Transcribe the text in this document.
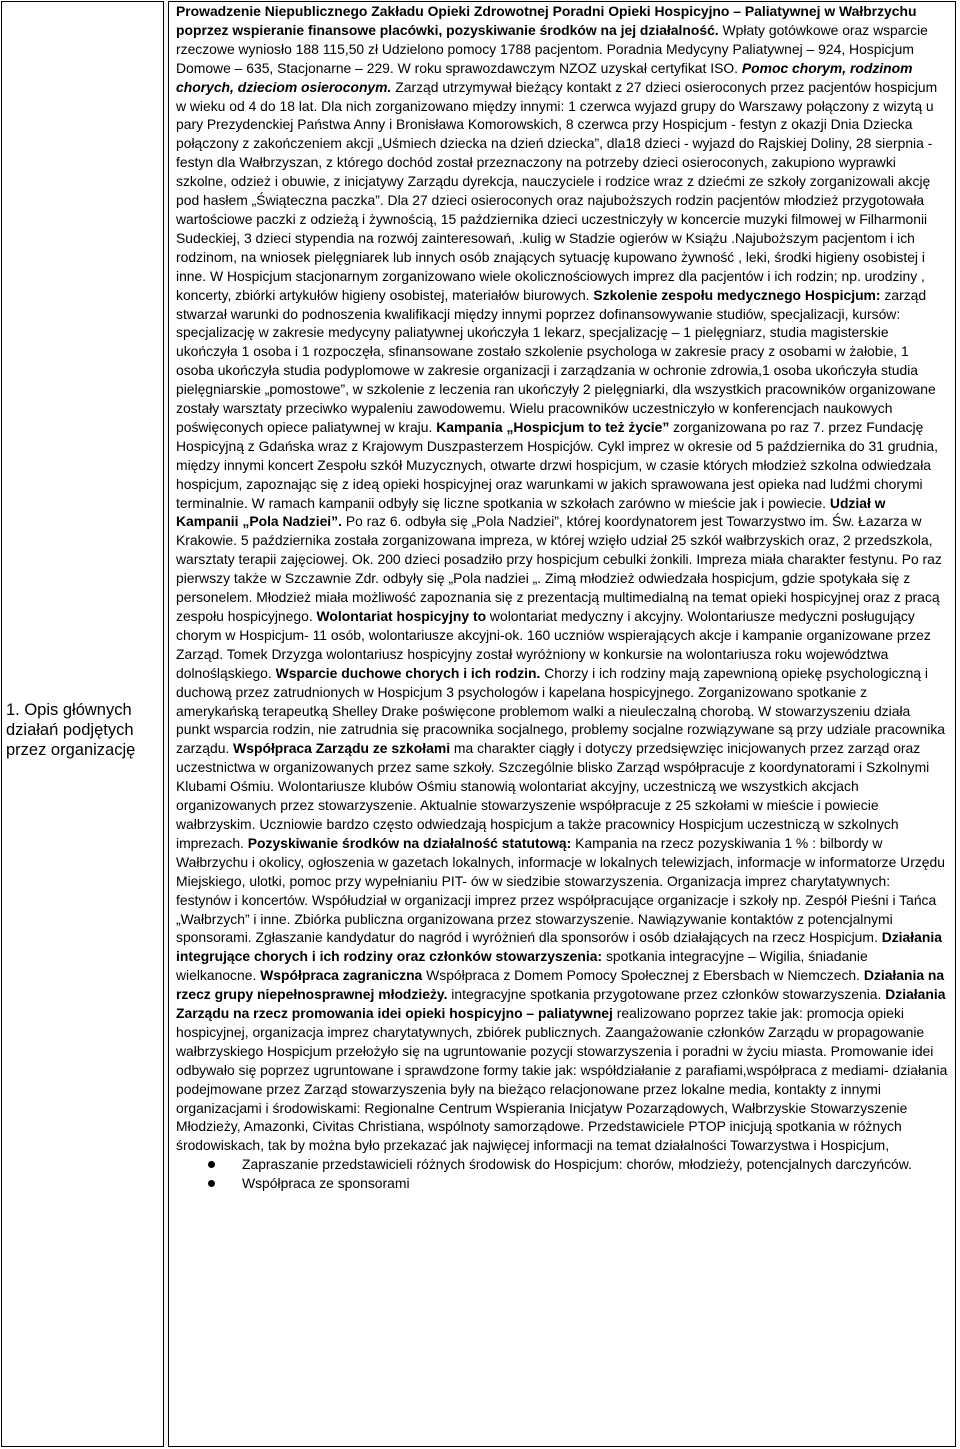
1. Opis głównych działań podjętych przez organizację

Prowadzenie Niepublicznego Zakładu Opieki Zdrowotnej Poradni Opieki Hospicyjno – Paliatywnej w Wałbrzychu poprzez wspieranie finansowe placówki, pozyskiwanie środków na jej działalność. Wpłaty gotówkowe oraz wsparcie rzeczowe wyniosło 188 115,50 zł Udzielono pomocy 1788 pacjentom. Poradnia Medycyny Paliatywnej – 924, Hospicjum Domowe – 635, Stacjonarne – 229. W roku sprawozdawczym NZOZ uzyskał certyfikat ISO. Pomoc chorym, rodzinom chorych, dzieciom osieroconym. Zarząd utrzymywał bieżący kontakt z 27 dzieci osieroconych przez pacjentów hospicjum w wieku od 4 do 18 lat. Dla nich zorganizowano między innymi: 1 czerwca wyjazd grupy do Warszawy połączony z wizytą u pary Prezydenckiej Państwa Anny i Bronisława Komorowskich, 8 czerwca przy Hospicjum - festyn z okazji Dnia Dziecka połączony z zakończeniem akcji „Uśmiech dziecka na dzień dziecka”, dla18 dzieci - wyjazd do Rajskiej Doliny, 28 sierpnia - festyn dla Wałbrzyszan, z którego dochód został przeznaczony na potrzeby dzieci osieroconych, zakupiono wyprawki szkolne, odzież i obuwie, z inicjatywy Zarządu dyrekcja, nauczyciele i rodzice wraz z dziećmi ze szkoły zorganizowali akcję pod hasłem „Świąteczna paczka”. Dla 27 dzieci osieroconych oraz najuboższych rodzin pacjentów młodzież przygotowała wartościowe paczki z odzieżą i żywnością, 15 października dzieci uczestniczyły w koncercie muzyki filmowej w Filharmonii Sudeckiej, 3 dzieci stypendia na rozwój zainteresowań, .kulig w Stadzie ogierów w Książu .Najuboższym pacjentom i ich rodzinom, na wniosek pielęgniarek lub innych osób znających sytuację kupowano żywność , leki, środki higieny osobistej i inne. W Hospicjum stacjonarnym zorganizowano wiele okolicznościowych imprez dla pacjentów i ich rodzin; np. urodziny , koncerty, zbiórki artykułów higieny osobistej, materiałów biurowych. Szkolenie zespołu medycznego Hospicjum: zarząd stwarzał warunki do podnoszenia kwalifikacji między innymi poprzez dofinansowywanie studiów, specjalizacji, kursów: specjalizację w zakresie medycyny paliatywnej ukończyła 1 lekarz, specjalizację – 1 pielęgniarz, studia magisterskie ukończyła 1 osoba i 1 rozpoczęła, sfinansowane zostało szkolenie psychologa w zakresie pracy z osobami w żałobie, 1 osoba ukończyła studia podyplomowe w zakresie organizacji i zarządzania w ochronie zdrowia,1 osoba ukończyła studia pielęgniarskie „pomostowe”, w szkolenie z leczenia ran ukończyły 2 pielęgniarki, dla wszystkich pracowników organizowane zostały warsztaty przeciwko wypaleniu zawodowemu. Wielu pracowników uczestniczyło w konferencjach naukowych poświęconych opiece paliatywnej w kraju. Kampania „Hospicjum to też życie” zorganizowana po raz 7. przez Fundację Hospicyjną z Gdańska wraz z Krajowym Duszpasterzem Hospicjów. Cykl imprez w okresie od 5 października do 31 grudnia, między innymi koncert Zespołu szkół Muzycznych, otwarte drzwi hospicjum, w czasie których młodzież szkolna odwiedzała hospicjum, zapoznając się z ideą opieki hospicyjnej oraz warunkami w jakich sprawowana jest opieka nad ludźmi chorymi terminalnie. W ramach kampanii odbyły się liczne spotkania w szkołach zarówno w mieście jak i powiecie. Udział w Kampanii „Pola Nadziei”. Po raz 6. odbyła się „Pola Nadziei”, której koordynatorem jest Towarzystwo im. Św. Łazarza w Krakowie. 5 października została zorganizowana impreza, w której wzięło udział 25 szkół wałbrzyskich oraz, 2 przedszkola, warsztaty terapii zajęciowej. Ok. 200 dzieci posadziło przy hospicjum cebulki żonkili. Impreza miała charakter festynu. Po raz pierwszy także w Szczawnie Zdr. odbyły się „Pola nadziei „. Zimą młodzież odwiedzała hospicjum, gdzie spotykała się z personelem. Młodzież miała możliwość zapoznania się z prezentacją multimedialną na temat opieki hospicyjnej oraz z pracą zespołu hospicyjnego. Wolontariat hospicyjny to wolontariat medyczny i akcyjny. Wolontariusze medyczni posługujący chorym w Hospicjum- 11 osób, wolontariusze akcyjni-ok. 160 uczniów wspierających akcje i kampanie organizowane przez Zarząd. Tomek Drzyzga wolontariusz hospicyjny został wyróżniony w konkursie na wolontariusza roku województwa dolnośląskiego. Wsparcie duchowe chorych i ich rodzin. Chorzy i ich rodziny mają zapewnioną opiekę psychologiczną i duchową przez zatrudnionych w Hospicjum 3 psychologów i kapelana hospicyjnego. Zorganizowano spotkanie z amerykańską terapeutką Shelley Drake poświęcone problemom walki a nieuleczalną chorobą. W stowarzyszeniu działa punkt wsparcia rodzin, nie zatrudnia się pracownika socjalnego, problemy socjalne rozwiązywane są przy udziale pracownika zarządu. Współpraca Zarządu ze szkołami ma charakter ciągły i dotyczy przedsięwzięc inicjowanych przez zarząd oraz uczestnictwa w organizowanych przez same szkoły. Szczególnie blisko Zarząd współpracuje z koordynatorami i Szkolnymi Klubami Ośmiu. Wolontariusze klubów Ośmiu stanowią wolontariat akcyjny, uczestniczą we wszystkich akcjach organizowanych przez stowarzyszenie. Aktualnie stowarzyszenie współpracuje z 25 szkołami w mieście i powiecie wałbrzyskim. Uczniowie bardzo często odwiedzają hospicjum a także pracownicy Hospicjum uczestniczą w szkolnych imprezach. Pozyskiwanie środków na działalność statutową: Kampania na rzecz pozyskiwania 1 % : bilbordy w Wałbrzychu i okolicy, ogłoszenia w gazetach lokalnych, informacje w lokalnych telewizjach, informacje w informatorze Urzędu Miejskiego, ulotki, pomoc przy wypełnianiu PIT- ów w siedzibie stowarzyszenia. Organizacja imprez charytatywnych: festynów i koncertów. Współudział w organizacji imprez przez współpracujące organizacje i szkoły np. Zespół Pieśni i Tańca „Wałbrzych” i inne. Zbiórka publiczna organizowana przez stowarzyszenie. Nawiązywanie kontaktów z potencjalnymi sponsorami. Zgłaszanie kandydatur do nagród i wyróżnień dla sponsorów i osób działających na rzecz Hospicjum. Działania integrujące chorych i ich rodziny oraz członków stowarzyszenia: spotkania integracyjne – Wigilia, śniadanie wielkanocne. Współpraca zagraniczna Współpraca z Domem Pomocy Społecznej z Ebersbach w Niemczech. Działania na rzecz grupy niepełnosprawnej młodzieży. integracyjne spotkania przygotowane przez członków stowarzyszenia. Działania Zarządu na rzecz promowania idei opieki hospicyjno – paliatywnej realizowano poprzez takie jak: promocja opieki hospicyjnej, organizacja imprez charytatywnych, zbiórek publicznych. Zaangażowanie członków Zarządu w propagowanie wałbrzyskiego Hospicjum przełożyło się na ugruntowanie pozycji stowarzyszenia i poradni w życiu miasta. Promowanie idei odbywało się poprzez ugruntowane i sprawdzone formy takie jak: współdziałanie z parafiami,współpraca z mediami- działania podejmowane przez Zarząd stowarzyszenia były na bieżąco relacjonowane przez lokalne media, kontakty z innymi organizacjami i środowiskami: Regionalne Centrum Wspierania Inicjatyw Pozarządowych, Wałbrzyskie Stowarzyszenie Młodzieży, Amazonki, Civitas Christiana, wspólnoty samorządowe. Przedstawiciele PTOP inicjują spotkania w różnych środowiskach, tak by można było przekazać jak najwięcej informacji na temat działalności Towarzystwa i Hospicjum,

Zapraszanie przedstawicieli różnych środowisk do Hospicjum: chorów, młodzieży, potencjalnych darczyńców.
Współpraca ze sponsorami
